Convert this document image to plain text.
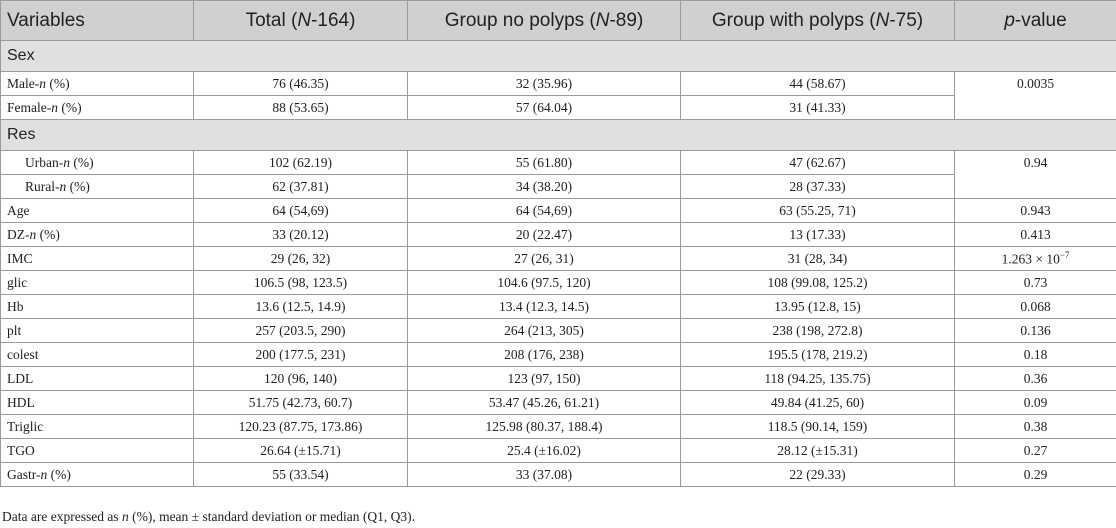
Variables	Total (N-164)	Group no polyps (N-89)	Group with polyps (N-75)	p-value
Sex				
Male-n (%)	76 (46.35)	32 (35.96)	44 (58.67)	0.0035
Female-n (%)	88 (53.65)	57 (64.04)	31 (41.33)	
Res				
Urban-n (%)	102 (62.19)	55 (61.80)	47 (62.67)	0.94
Rural-n (%)	62 (37.81)	34 (38.20)	28 (37.33)	
Age	64 (54,69)	64 (54,69)	63 (55.25, 71)	0.943
DZ-n (%)	33 (20.12)	20 (22.47)	13 (17.33)	0.413
IMC	29 (26, 32)	27 (26, 31)	31 (28, 34)	$1.263 \times 10^{-7}$
glic	106.5 (98, 123.5)	104.6 (97.5, 120)	108 (99.08, 125.2)	0.73
Hb	13.6 (12.5, 14.9)	13.4 (12.3, 14.5)	13.95 (12.8, 15)	0.068
plt	257 (203.5, 290)	264 (213, 305)	238 (198, 272.8)	0.136
colest	200 (177.5, 231)	208 (176, 238)	195.5 (178, 219.2)	0.18
LDL	120 (96, 140)	123 (97, 150)	118 (94.25, 135.75)	0.36
HDL	51.75 (42.73, 60.7)	53.47 (45.26, 61.21)	49.84 (41.25, 60)	0.09
Triglic	120.23 (87.75, 173.86)	125.98 (80.37, 188.4)	118.5 (90.14, 159)	0.38
TGO	26.64 (±15.71)	25.4 (±16.02)	28.12 (±15.31)	0.27
Gastr-n (%)	55 (33.54)	33 (37.08)	22 (29.33)	0.29
Data are expressed as n (%), mean ± standard deviation or median (Q1, Q3).
